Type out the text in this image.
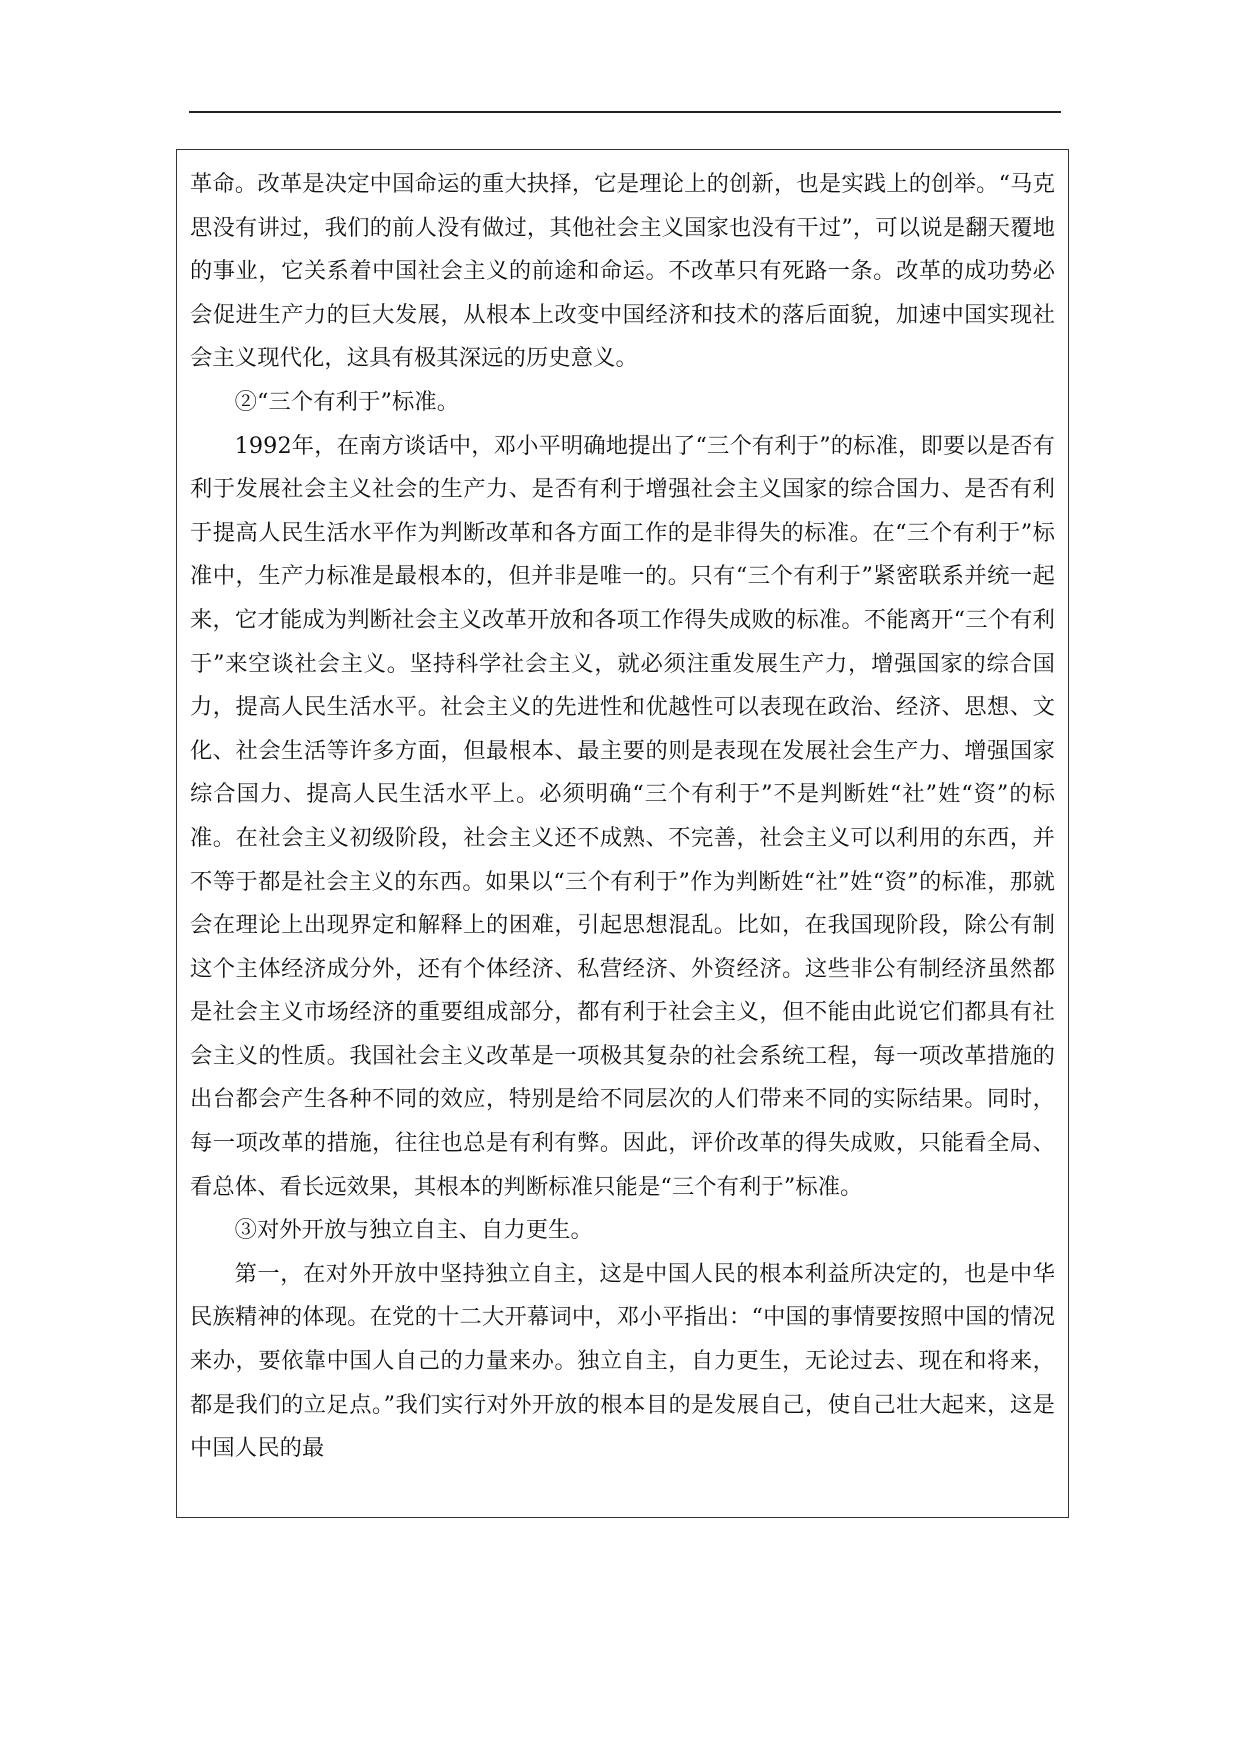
革命。改革是决定中国命运的重大抉择，它是理论上的创新，也是实践上的创举。“马克思没有讲过，我们的前人没有做过，其他社会主义国家也没有干过”，可以说是翻天覆地的事业，它关系着中国社会主义的前途和命运。不改革只有死路一条。改革的成功势必会促进生产力的巨大发展，从根本上改变中国经济和技术的落后面貌，加速中国实现社会主义现代化，这具有极其深远的历史意义。

②“三个有利于”标准。

1992年，在南方谈话中，邓小平明确地提出了“三个有利于”的标准，即要以是否有利于发展社会主义社会的生产力、是否有利于增强社会主义国家的综合国力、是否有利于提高人民生活水平作为判断改革和各方面工作的是非得失的标准。在“三个有利于”标准中，生产力标准是最根本的，但并非是唯一的。只有“三个有利于”紧密联系并统一起来，它才能成为判断社会主义改革开放和各项工作得失成败的标准。不能离开“三个有利于”来空谈社会主义。坚持科学社会主义，就必须注重发展生产力，增强国家的综合国力，提高人民生活水平。社会主义的先进性和优越性可以表现在政治、经济、思想、文化、社会生活等许多方面，但最根本、最主要的则是表现在发展社会生产力、增强国家综合国力、提高人民生活水平上。必须明确“三个有利于”不是判断姓“社”姓“资”的标准。在社会主义初级阶段，社会主义还不成熟、不完善，社会主义可以利用的东西，并不等于都是社会主义的东西。如果以“三个有利于”作为判断姓“社”姓“资”的标准，那就会在理论上出现界定和解释上的困难，引起思想混乱。比如，在我国现阶段，除公有制这个主体经济成分外，还有个体经济、私营经济、外资经济。这些非公有制经济虽然都是社会主义市场经济的重要组成部分，都有利于社会主义，但不能由此说它们都具有社会主义的性质。我国社会主义改革是一项极其复杂的社会系统工程，每一项改革措施的出台都会产生各种不同的效应，特别是给不同层次的人们带来不同的实际结果。同时，每一项改革的措施，往往也总是有利有弊。因此，评价改革的得失成败，只能看全局、看总体、看长远效果，其根本的判断标准只能是“三个有利于”标准。

③对外开放与独立自主、自力更生。

第一，在对外开放中坚持独立自主，这是中国人民的根本利益所决定的，也是中华民族精神的体现。在党的十二大开幕词中，邓小平指出：“中国的事情要按照中国的情况来办，要依靠中国人自己的力量来办。独立自主，自力更生，无论过去、现在和将来，都是我们的立足点。”我们实行对外开放的根本目的是发展自己，使自己壮大起来，这是中国人民的最
